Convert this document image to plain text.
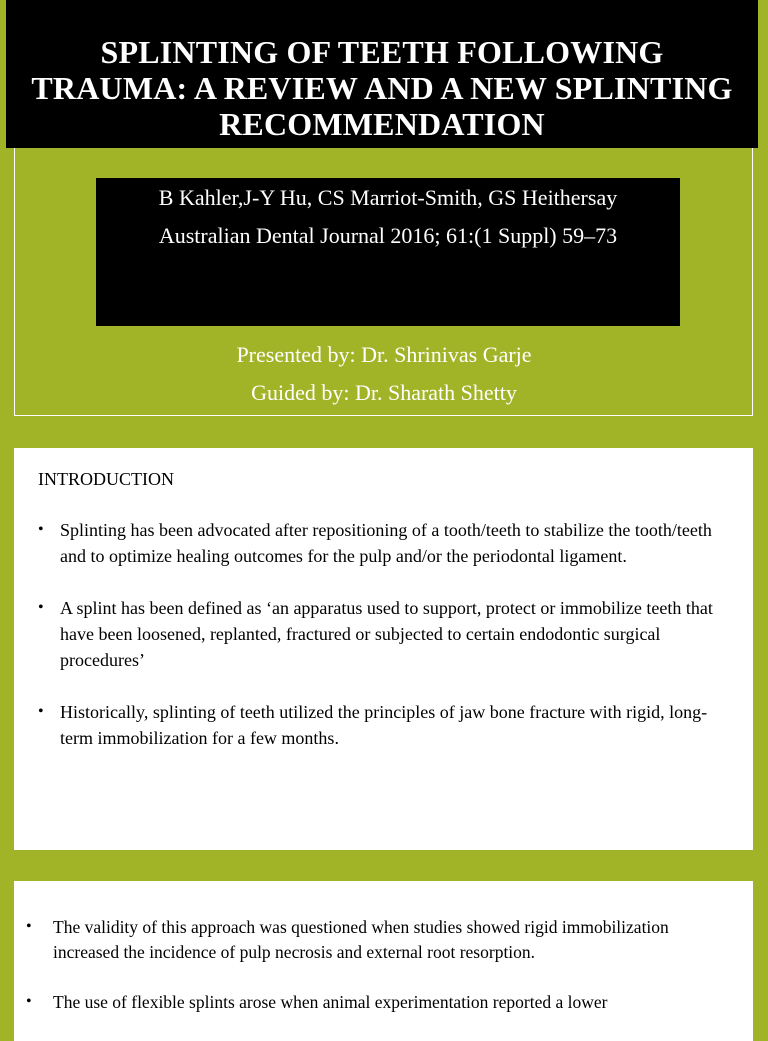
SPLINTING OF TEETH FOLLOWING TRAUMA: A REVIEW AND A NEW SPLINTING RECOMMENDATION
B Kahler,J-Y Hu, CS Marriot-Smith, GS Heithersay
Australian Dental Journal 2016; 61:(1 Suppl) 59–73
Presented by: Dr. Shrinivas Garje
Guided by: Dr. Sharath Shetty
INTRODUCTION
• Splinting has been advocated after repositioning of a tooth/teeth to stabilize the tooth/teeth and to optimize healing outcomes for the pulp and/or the periodontal ligament.
• A splint has been defined as ‘an apparatus used to support, protect or immobilize teeth that have been loosened, replanted, fractured or subjected to certain endodontic surgical procedures’
• Historically, splinting of teeth utilized the principles of jaw bone fracture with rigid, long-term immobilization for a few months.
• The validity of this approach was questioned when studies showed rigid immobilization increased the incidence of pulp necrosis and external root resorption.
• The use of flexible splints arose when animal experimentation reported a lower
